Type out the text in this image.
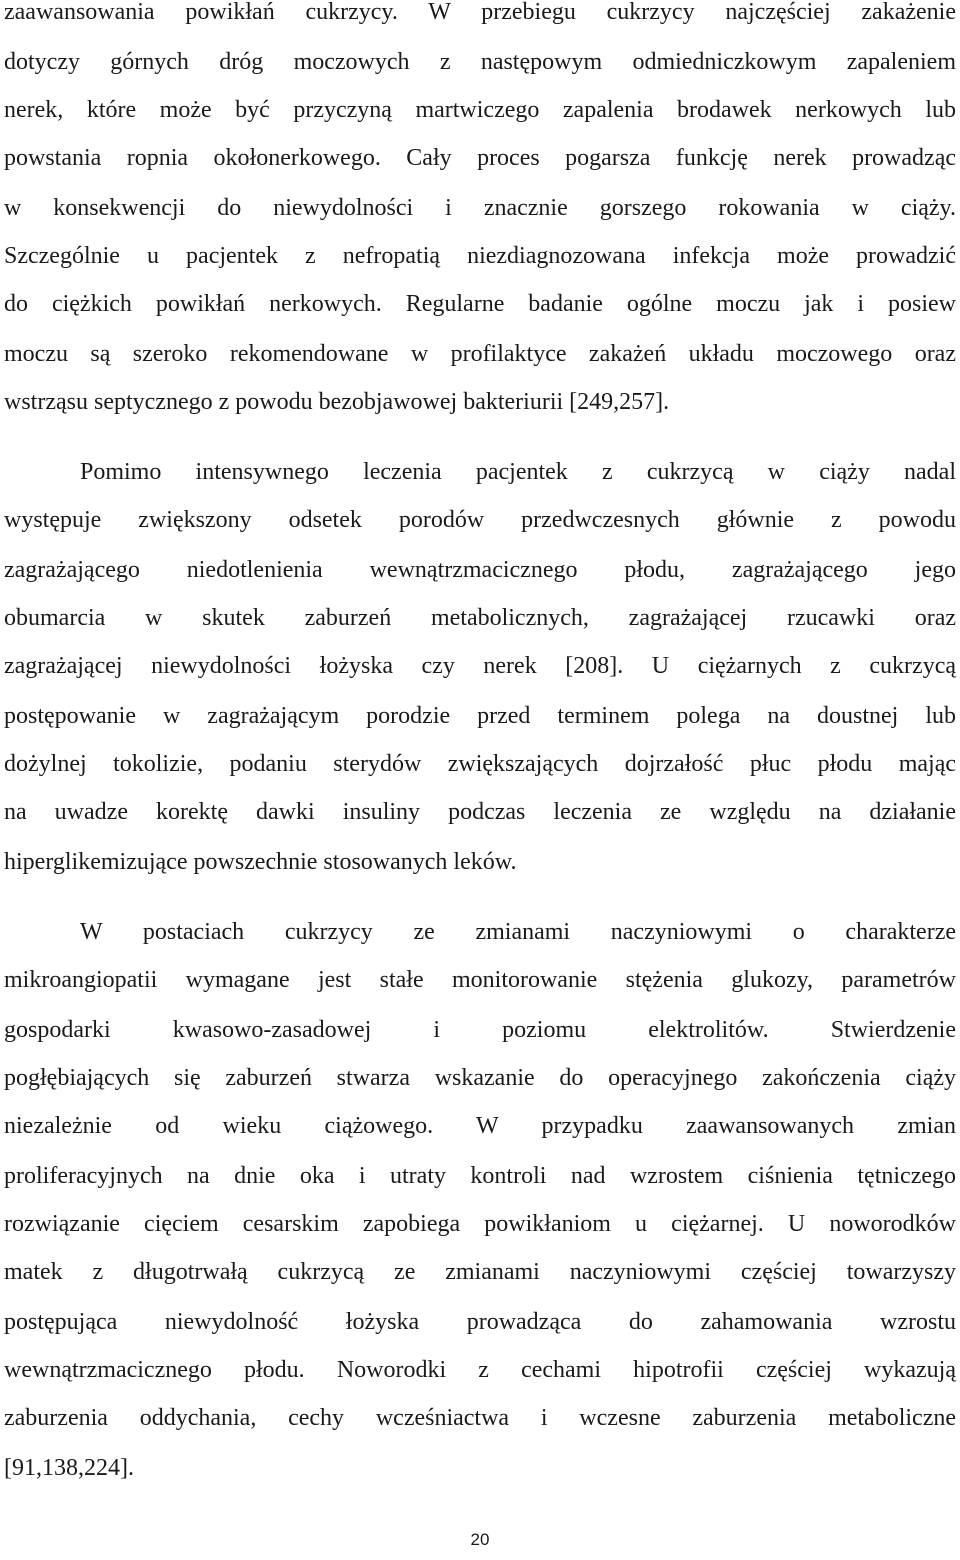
zaawansowania powikłań cukrzycy. W przebiegu cukrzycy najczęściej zakażenie
dotyczy górnych dróg moczowych z następowym odmiedniczkowym zapaleniem
nerek, które może być przyczyną martwiczego zapalenia brodawek nerkowych lub
powstania ropnia okołonerkowego. Cały proces pogarsza funkcję nerek prowadząc
w konsekwencji do niewydolności i znacznie gorszego rokowania w ciąży.
Szczególnie u pacjentek z nefropatią niezdiagnozowana infekcja może prowadzić
do ciężkich powikłań nerkowych. Regularne badanie ogólne moczu jak i posiew
moczu są szeroko rekomendowane w profilaktyce zakażeń układu moczowego oraz
wstrząsu septycznego z powodu bezobjawowej bakteriurii [249,257].
Pomimo intensywnego leczenia pacjentek z cukrzycą w ciąży nadal
występuje zwiększony odsetek porodów przedwczesnych głównie z powodu
zagrażającego niedotlenienia wewnątrzmacicznego płodu, zagrażającego jego
obumarcia w skutek zaburzeń metabolicznych, zagrażającej rzucawki oraz
zagrażającej niewydolności łożyska czy nerek [208]. U ciężarnych z cukrzycą
postępowanie w zagrażającym porodzie przed terminem polega na doustnej lub
dożylnej tokolizie, podaniu sterydów zwiększających dojrzałość płuc płodu mając
na uwadze korektę dawki insuliny podczas leczenia ze względu na działanie
hiperglikemizujące powszechnie stosowanych leków.
W postaciach cukrzycy ze zmianami naczyniowymi o charakterze
mikroangiopatii wymagane jest stałe monitorowanie stężenia glukozy, parametrów
gospodarki kwasowo-zasadowej i poziomu elektrolitów. Stwierdzenie
pogłębiających się zaburzeń stwarza wskazanie do operacyjnego zakończenia ciąży
niezależnie od wieku ciążowego. W przypadku zaawansowanych zmian
proliferacyjnych na dnie oka i utraty kontroli nad wzrostem ciśnienia tętniczego
rozwiązanie cięciem cesarskim zapobiega powikłaniom u ciężarnej. U noworodków
matek z długotrwałą cukrzycą ze zmianami naczyniowymi częściej towarzyszy
postępująca niewydolność łożyska prowadząca do zahamowania wzrostu
wewnątrzmacicznego płodu. Noworodki z cechami hipotrofii częściej wykazują
zaburzenia oddychania, cechy wcześniactwa i wczesne zaburzenia metaboliczne
[91,138,224].
20
